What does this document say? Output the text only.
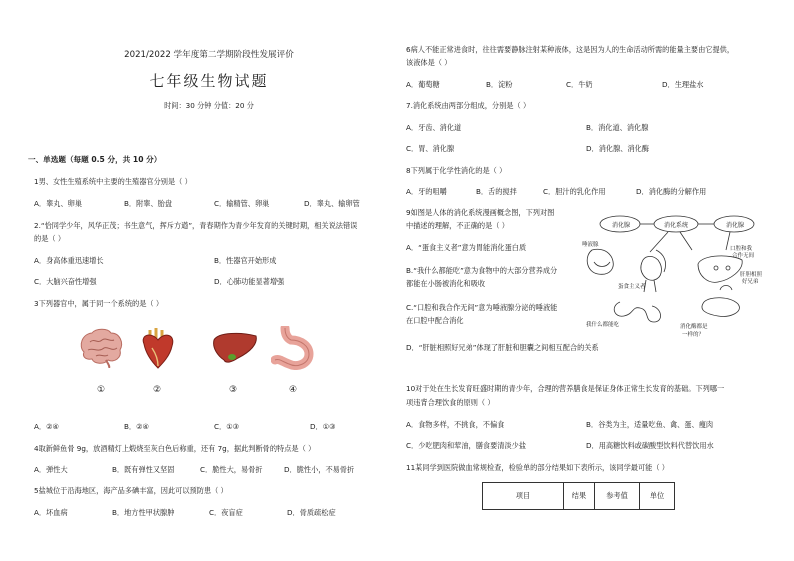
2021/2022 学年度第二学期阶段性发展评价
七年级生物试题
时间：30 分钟 分值：20 分
一、单选题（每题 0.5 分，共 10 分）
1男、女性生殖系统中主要的生殖器官分别是（ ）
A．睾丸、卵巢	B．附睾、胎盘	C．输精管、卵巢	D．睾丸、输卵管
2.“恰同学少年，风华正茂；书生意气，挥斥方遒”，青春期作为青少年发育的关键时期，相关说法错误
的是（ ）
A．身高体重迅速增长	B．性器官开始形成
C．大脑兴奋性增强	D．心肺功能显著增强
3下列器官中，属于同一个系统的是（ ）
①	②	③	④
A．②④	B．②④	C．①③	D．①③
4取新鲜鱼骨 9g，放酒精灯上煅烧至灰白色后称重，还有 7g，据此判断骨的特点是（ ）
A．弹性大	B．既有弹性又坚固	C．脆性大，易骨折	D．脆性小，不易骨折
5盐城位于沿海地区，海产品多碘丰富，因此可以预防患（ ）
A．坏血病	B．地方性甲状腺肿	C．夜盲症	D．骨质疏松症
6病人不能正常进食时，往往需要静脉注射某种液体，这是因为人的生命活动所需的能量主要由它提供，
该液体是（ ）
A．葡萄糖	B．淀粉	C．牛奶	D．生理盐水
7.消化系统由两部分组成，分别是（ ）
A．牙齿、消化道	B．消化道、消化腺
C．胃、消化腺	D．消化腺、消化酶
8下列属于化学性消化的是（ ）
A．牙的咀嚼	B．舌的搅拌	C．胆汁的乳化作用	D．消化酶的分解作用
9如图是人体的消化系统漫画概念图，下列对图
中描述的理解，不正确的是（ ）
A．“蛋食主义者”意为胃能消化蛋白质
B.“我什么都能吃”意为食物中的大部分营养成分
都能在小肠被消化和吸收
C.“口腔和我合作无间”意为唾液腺分泌的唾液能
在口腔中配合消化
D．“肝脏相照好兄弟”体现了肝脏和胆囊之间相互配合的关系
消化腺	消化系统	消化腺
唾液腺
口腔和我
合作无间
蛋食主义者
肝胆相照
好兄弟
我什么都能吃	消化酶都是
一样的？
10对于处在生长发育旺盛时期的青少年，合理的营养膳食是保证身体正常生长发育的基础。下列哪一
项违背合理饮食的原则（ ）
A．食物多样，不挑食，不偏食	B．谷类为主，适量吃鱼、禽、蛋、瘦肉
C．少吃肥肉和荤油，膳食要清淡少盐	D．用高糖饮料或碳酸型饮料代替饮用水
11某同学到医院做血常规检查，检验单的部分结果如下表所示，该同学最可能（ ）
项目	结果	参考值	单位
